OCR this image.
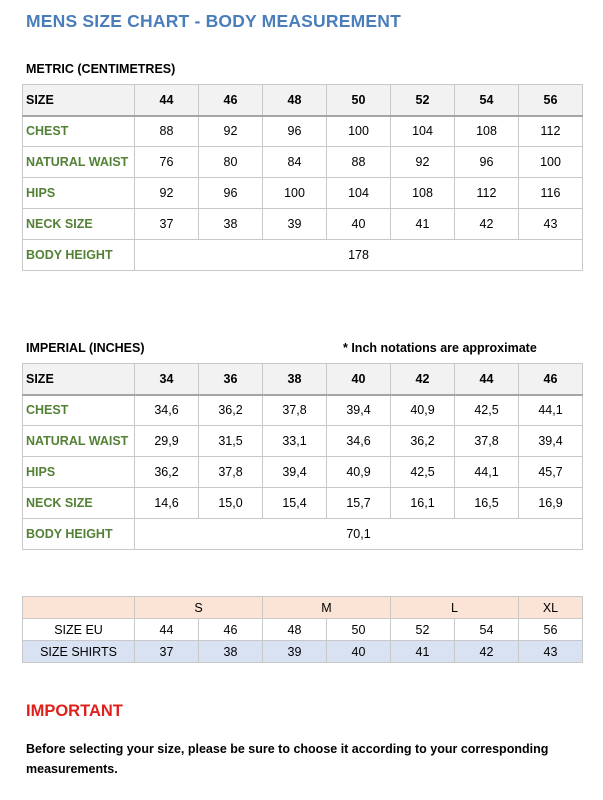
MENS SIZE CHART - BODY MEASUREMENT
METRIC (CENTIMETRES)
SIZE	44	46	48	50	52	54	56
CHEST	88	92	96	100	104	108	112
NATURAL WAIST	76	80	84	88	92	96	100
HIPS	92	96	100	104	108	112	116
NECK SIZE	37	38	39	40	41	42	43
BODY HEIGHT	178						
IMPERIAL (INCHES)	* Inch notations are approximate
SIZE	34	36	38	40	42	44	46
CHEST	34,6	36,2	37,8	39,4	40,9	42,5	44,1
NATURAL WAIST	29,9	31,5	33,1	34,6	36,2	37,8	39,4
HIPS	36,2	37,8	39,4	40,9	42,5	44,1	45,7
NECK SIZE	14,6	15,0	15,4	15,7	16,1	16,5	16,9
BODY HEIGHT	70,1						
	S		M		L		XL
SIZE EU	44	46	48	50	52	54	56
SIZE SHIRTS	37	38	39	40	41	42	43
IMPORTANT
Before selecting your size, please be sure to choose it according to your corresponding measurements.
